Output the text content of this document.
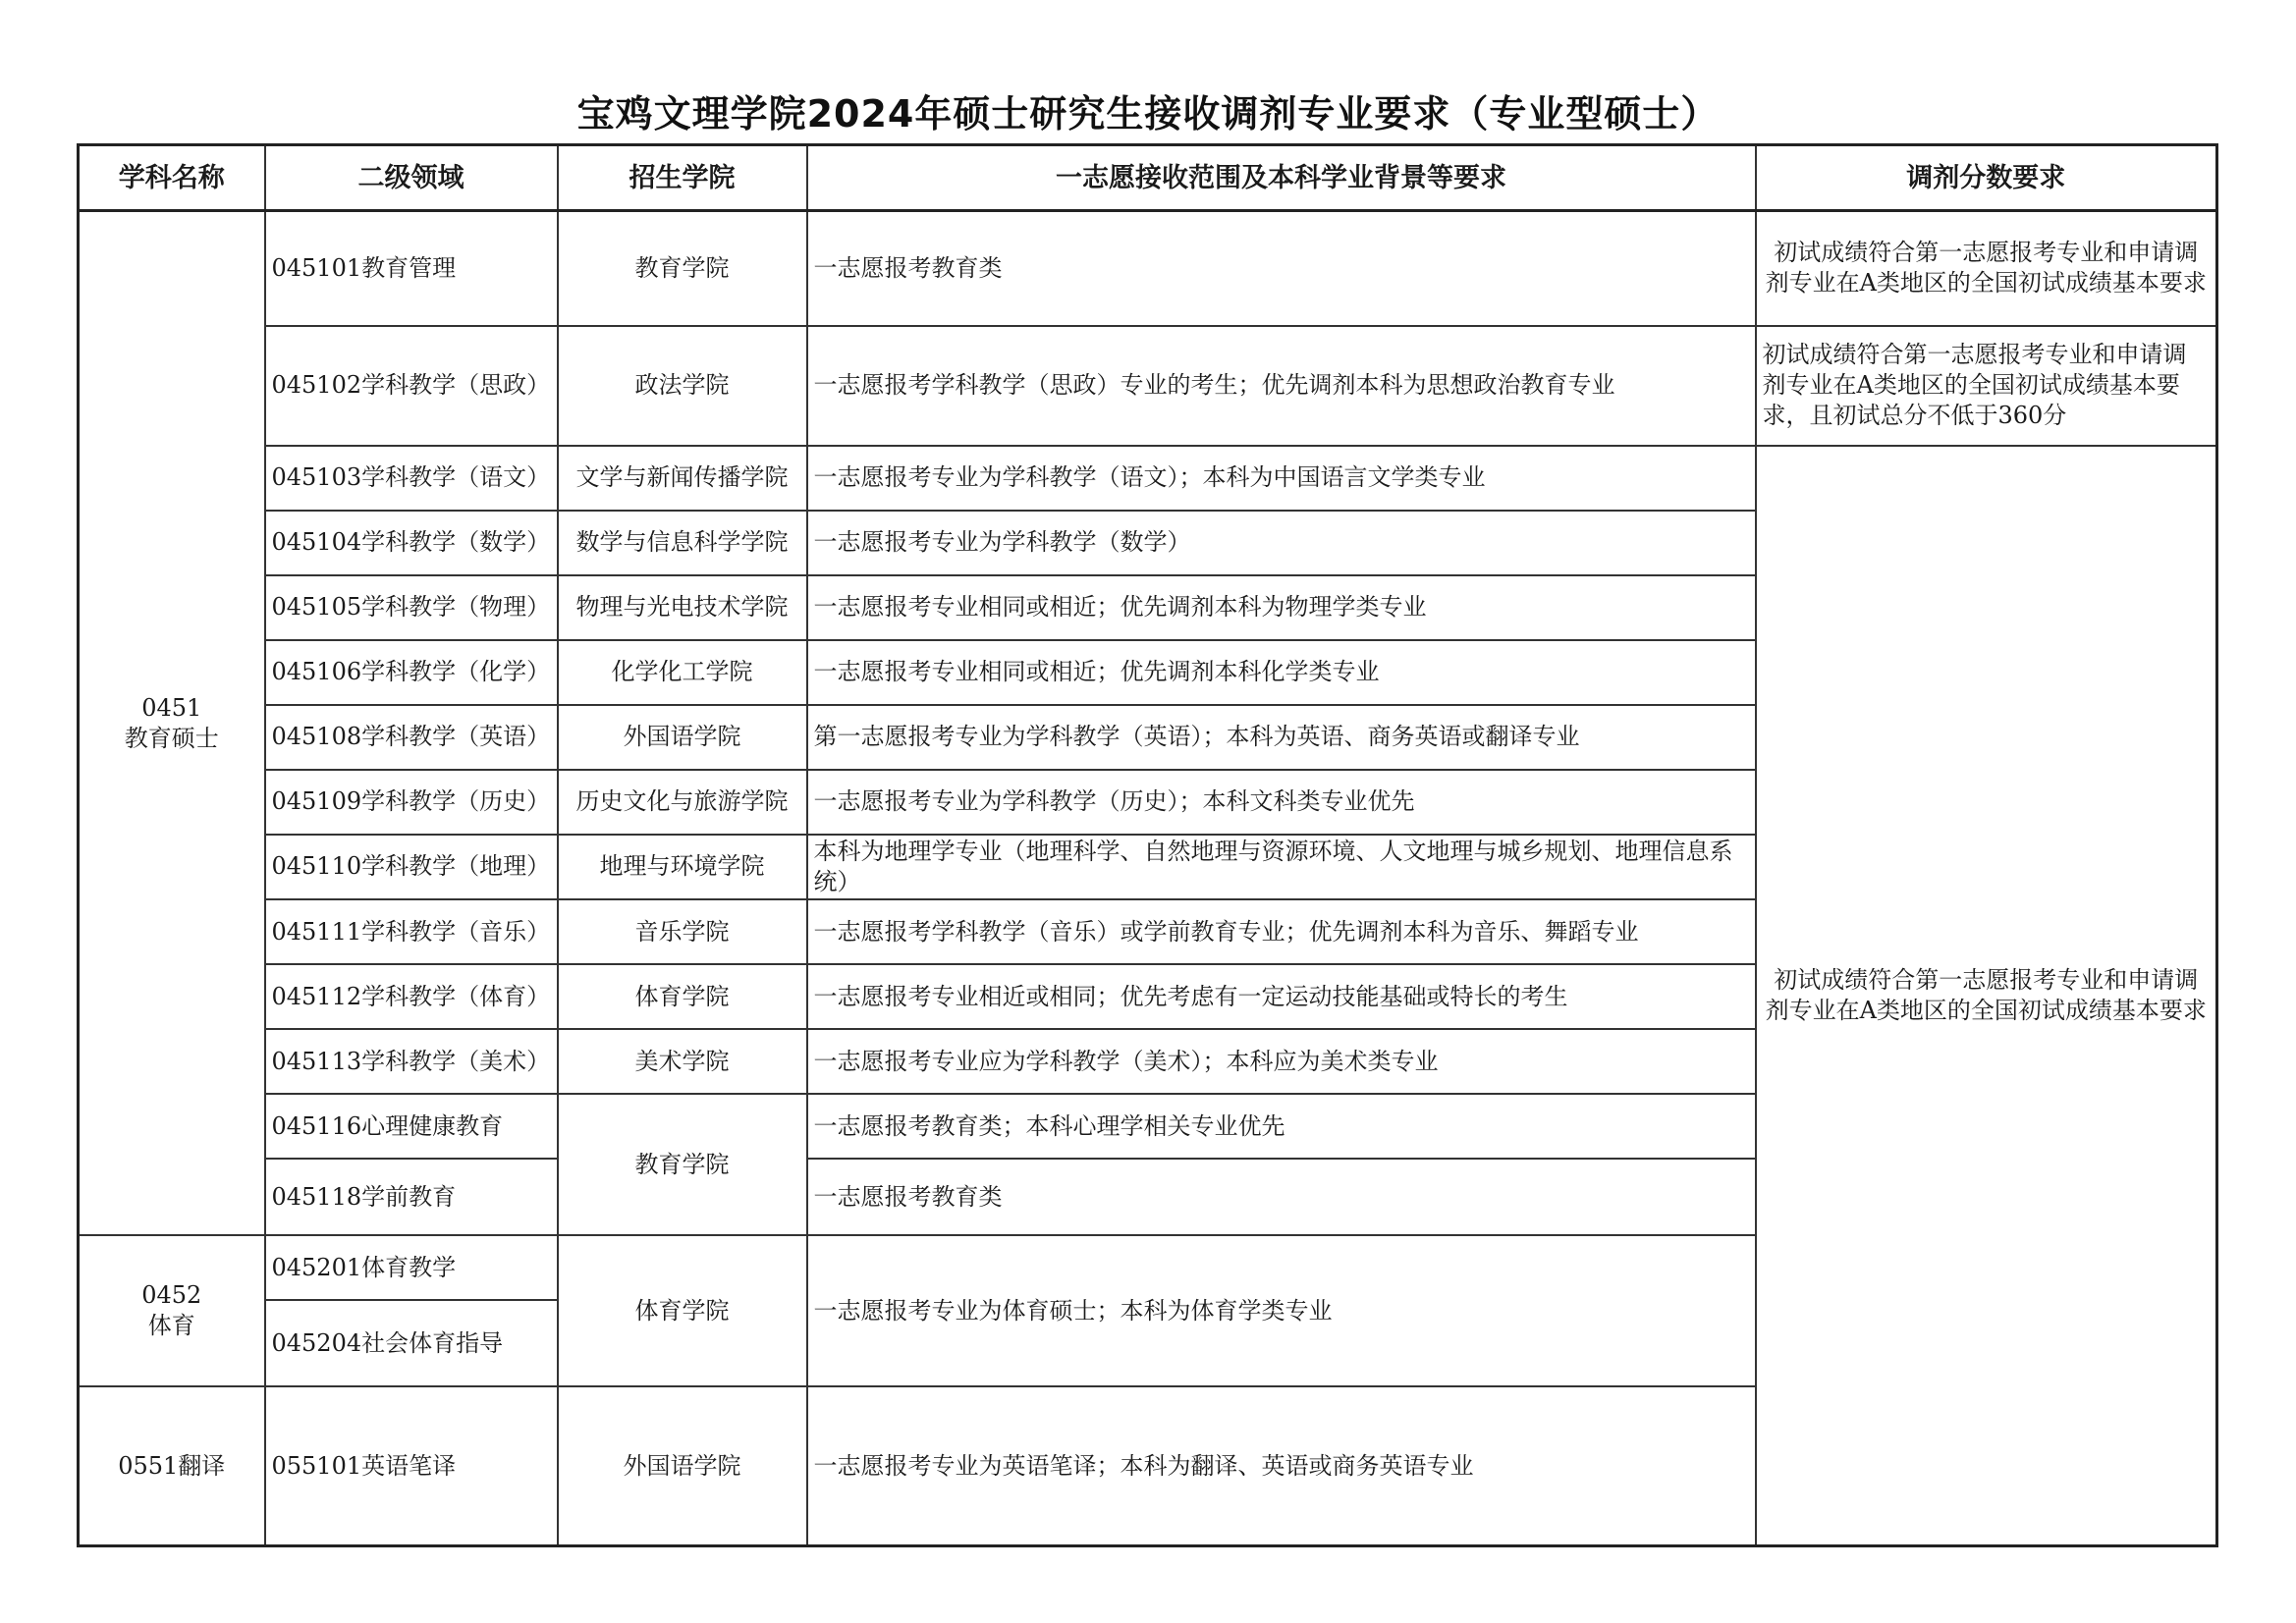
宝鸡文理学院2024年硕士研究生接收调剂专业要求（专业型硕士）
学科名称	二级领域	招生学院	一志愿接收范围及本科学业背景等要求	调剂分数要求

0451
教育硕士	045101教育管理	教育学院	一志愿报考教育类	初试成绩符合第一志愿报考专业和申请调剂专业在A类地区的全国初试成绩基本要求
	045102学科教学（思政）	政法学院	一志愿报考学科教学（思政）专业的考生；优先调剂本科为思想政治教育专业	初试成绩符合第一志愿报考专业和申请调剂专业在A类地区的全国初试成绩基本要求，且初试总分不低于360分
	045103学科教学（语文）	文学与新闻传播学院	一志愿报考专业为学科教学（语文）；本科为中国语言文学类专业	初试成绩符合第一志愿报考专业和申请调剂专业在A类地区的全国初试成绩基本要求
	045104学科教学（数学）	数学与信息科学学院	一志愿报考专业为学科教学（数学）	
	045105学科教学（物理）	物理与光电技术学院	一志愿报考专业相同或相近；优先调剂本科为物理学类专业	
	045106学科教学（化学）	化学化工学院	一志愿报考专业相同或相近；优先调剂本科化学类专业	
	045108学科教学（英语）	外国语学院	第一志愿报考专业为学科教学（英语）；本科为英语、商务英语或翻译专业	
	045109学科教学（历史）	历史文化与旅游学院	一志愿报考专业为学科教学（历史）；本科文科类专业优先	
	045110学科教学（地理）	地理与环境学院	本科为地理学专业（地理科学、自然地理与资源环境、人文地理与城乡规划、地理信息系统）	
	045111学科教学（音乐）	音乐学院	一志愿报考学科教学（音乐）或学前教育专业；优先调剂本科为音乐、舞蹈专业	
	045112学科教学（体育）	体育学院	一志愿报考专业相近或相同；优先考虑有一定运动技能基础或特长的考生	
	045113学科教学（美术）	美术学院	一志愿报考专业应为学科教学（美术）；本科应为美术类专业	
	045116心理健康教育	教育学院	一志愿报考教育类；本科心理学相关专业优先	
	045118学前教育		一志愿报考教育类	

0452
体育	045201体育教学	体育学院	一志愿报考专业为体育硕士；本科为体育学类专业	
	045204社会体育指导			
0551翻译	055101英语笔译	外国语学院	一志愿报考专业为英语笔译；本科为翻译、英语或商务英语专业	
